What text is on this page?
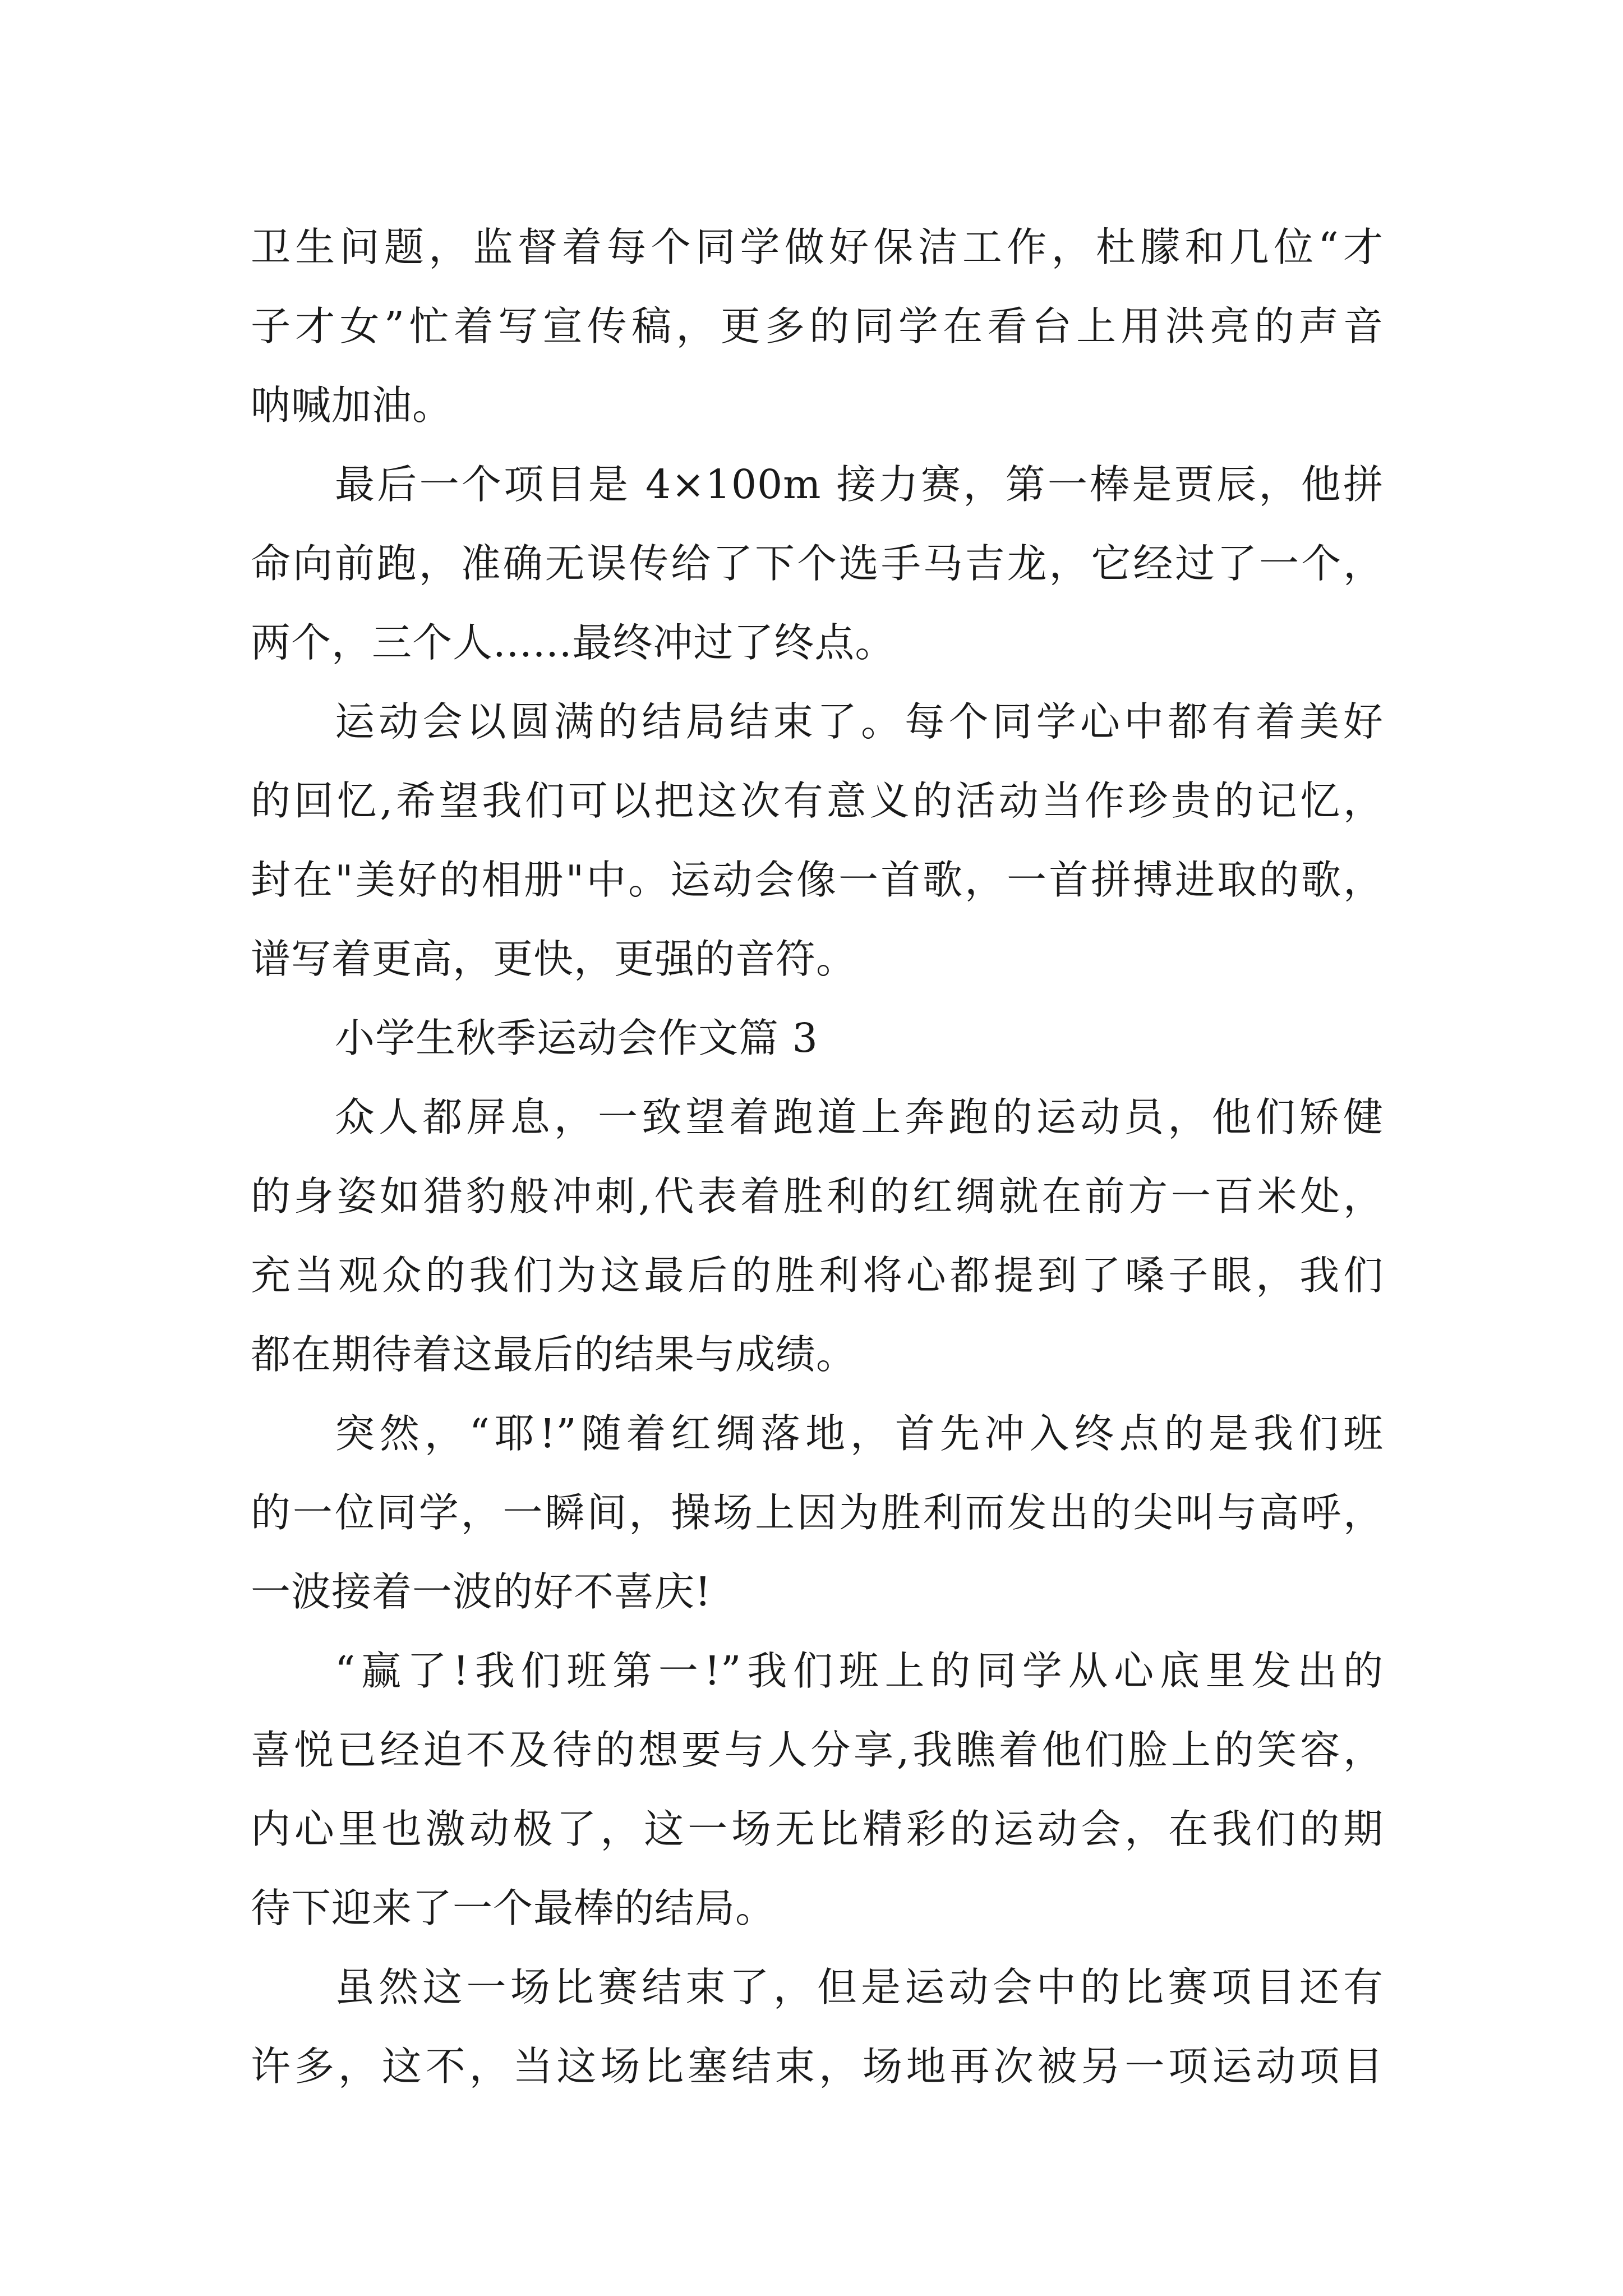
卫生问题，监督着每个同学做好保洁工作，杜朦和几位“才
子才女”忙着写宣传稿，更多的同学在看台上用洪亮的声音
呐喊加油。
最后一个项目是 4×100m 接力赛，第一棒是贾辰，他拼
命向前跑，准确无误传给了下个选手马吉龙，它经过了一个，
两个，三个人......最终冲过了终点。
运动会以圆满的结局结束了。每个同学心中都有着美好
的回忆,希望我们可以把这次有意义的活动当作珍贵的记忆，
封在"美好的相册"中。运动会像一首歌，一首拼搏进取的歌，
谱写着更高，更快，更强的音符。
小学生秋季运动会作文篇 3
众人都屏息，一致望着跑道上奔跑的运动员，他们矫健
的身姿如猎豹般冲刺,代表着胜利的红绸就在前方一百米处，
充当观众的我们为这最后的胜利将心都提到了嗓子眼，我们
都在期待着这最后的结果与成绩。
突然，“耶!”随着红绸落地，首先冲入终点的是我们班
的一位同学，一瞬间，操场上因为胜利而发出的尖叫与高呼，
一波接着一波的好不喜庆!
“赢了!我们班第一!”我们班上的同学从心底里发出的
喜悦已经迫不及待的想要与人分享,我瞧着他们脸上的笑容，
内心里也激动极了，这一场无比精彩的运动会，在我们的期
待下迎来了一个最棒的结局。
虽然这一场比赛结束了，但是运动会中的比赛项目还有
许多，这不，当这场比塞结束，场地再次被另一项运动项目
